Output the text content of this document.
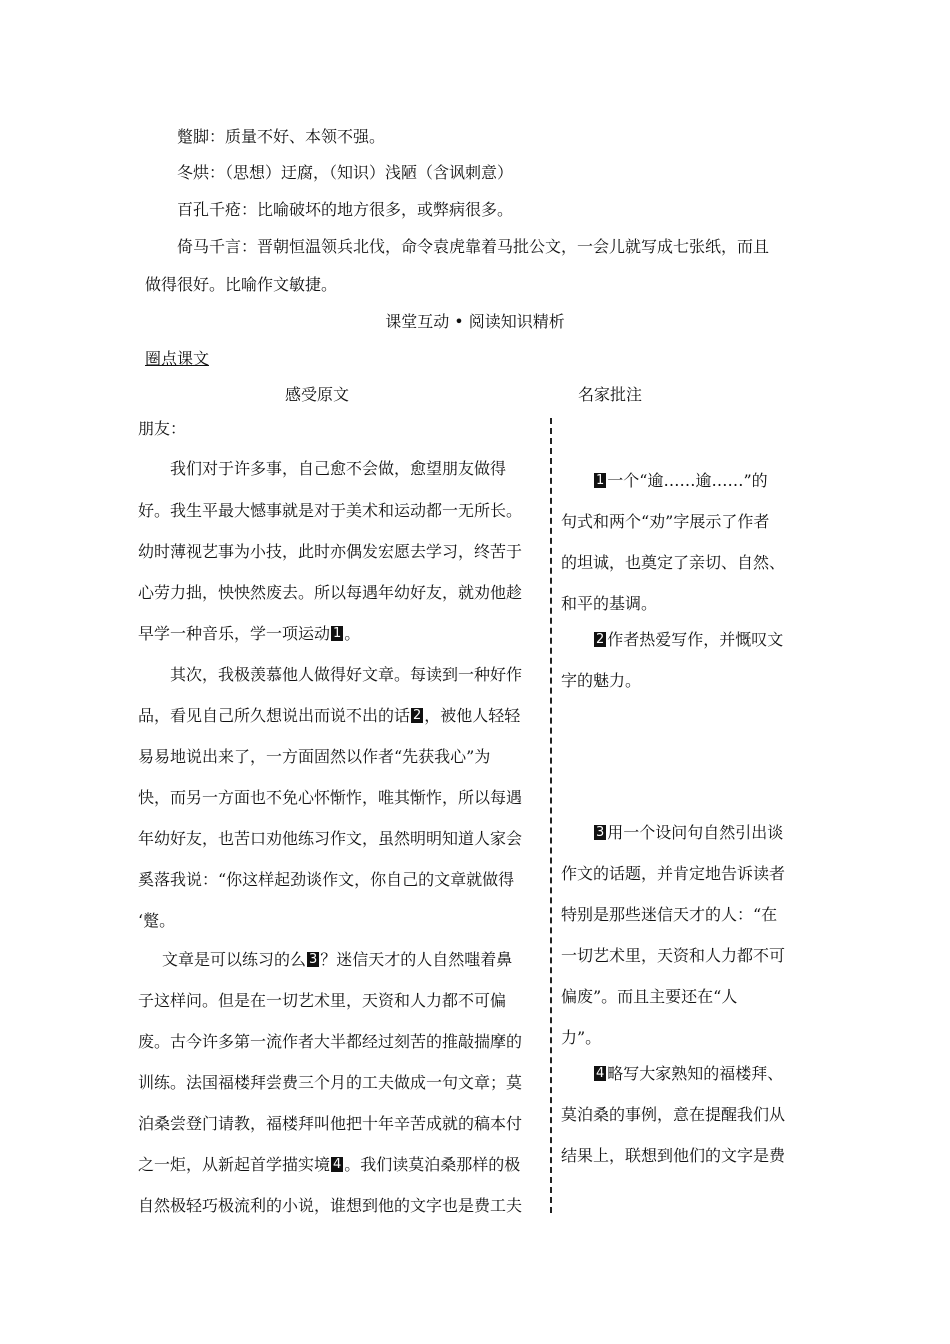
蹩脚：质量不好、本领不强。
冬烘：（思想）迂腐，（知识）浅陋（含讽刺意）
百孔千疮：比喻破坏的地方很多，或弊病很多。
倚马千言：晋朝恒温领兵北伐，命令袁虎靠着马批公文，一会儿就写成七张纸，而且
做得很好。比喻作文敏捷。
课堂互动 • 阅读知识精析
圈点课文
感受原文	名家批注
朋友：
我们对于许多事，自己愈不会做，愈望朋友做得
好。我生平最大憾事就是对于美术和运动都一无所长。
幼时薄视艺事为小技，此时亦偶发宏愿去学习，终苦于
心劳力拙，怏怏然废去。所以每遇年幼好友，就劝他趁
早学一种音乐，学一项运动 1 。
其次，我极羡慕他人做得好文章。每读到一种好作
品，看见自己所久想说出而说不出的话 2 ，被他人轻轻
易易地说出来了，一方面固然以作者“先获我心”为
快，而另一方面也不免心怀惭怍，唯其惭怍，所以每遇
年幼好友，也苦口劝他练习作文，虽然明明知道人家会
奚落我说：“你这样起劲谈作文，你自己的文章就做得
‘蹩。
文章是可以练习的么 3 ？迷信天才的人自然嗤着鼻
子这样问。但是在一切艺术里，天资和人力都不可偏
废。古今许多第一流作者大半都经过刻苦的推敲揣摩的
训练。法国福楼拜尝费三个月的工夫做成一句文章；莫
泊桑尝登门请教，福楼拜叫他把十年辛苦成就的稿本付
之一炬，从新起首学描实境 4 。我们读莫泊桑那样的极
自然极轻巧极流利的小说，谁想到他的文字也是费工夫
1 一个“逾……逾……”的
句式和两个“劝”字展示了作者
的坦诚，也奠定了亲切、自然、
和平的基调。
2 作者热爱写作，并慨叹文
字的魅力。
3 用一个设问句自然引出谈
作文的话题，并肯定地告诉读者
特别是那些迷信天才的人：“在
一切艺术里，天资和人力都不可
偏废”。而且主要还在“人
力”。
4 略写大家熟知的福楼拜、
莫泊桑的事例，意在提醒我们从
结果上，联想到他们的文字是费
